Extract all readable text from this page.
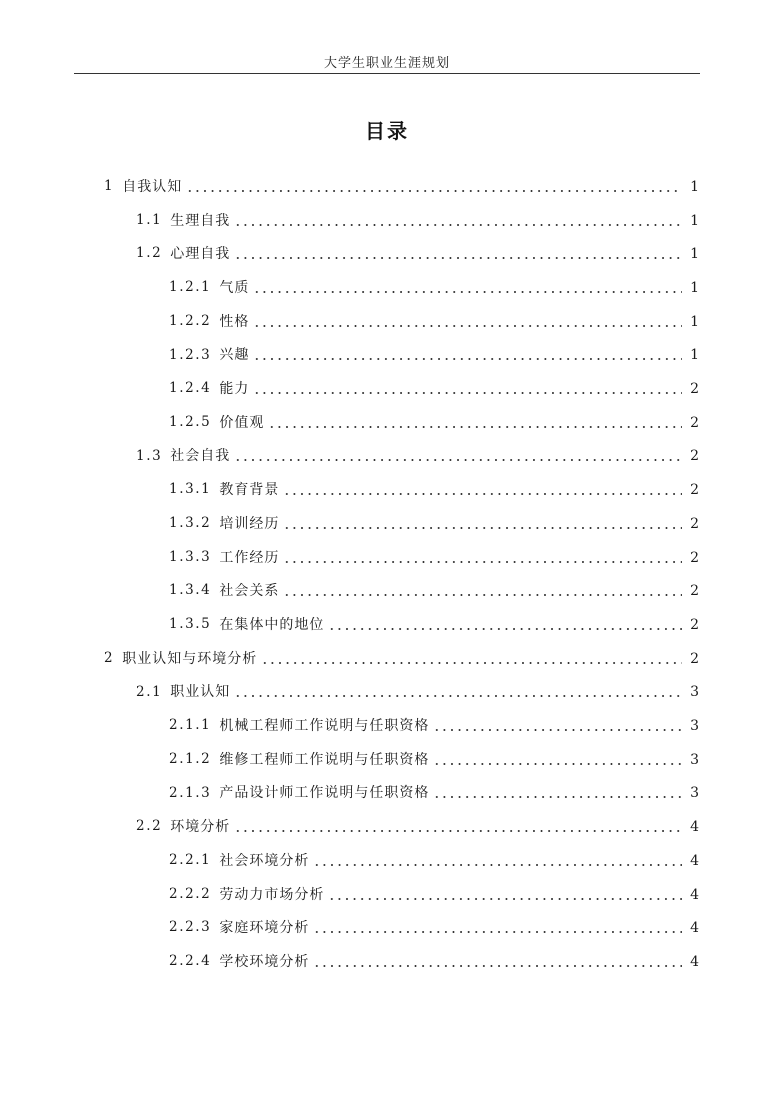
大学生职业生涯规划
目录
1 自我认知	1
1.1 生理自我	1
1.2 心理自我	1
1.2.1 气质	1
1.2.2 性格	1
1.2.3 兴趣	1
1.2.4 能力	2
1.2.5 价值观	2
1.3 社会自我	2
1.3.1 教育背景	2
1.3.2 培训经历	2
1.3.3 工作经历	2
1.3.4 社会关系	2
1.3.5 在集体中的地位	2
2 职业认知与环境分析	2
2.1 职业认知	3
2.1.1 机械工程师工作说明与任职资格	3
2.1.2 维修工程师工作说明与任职资格	3
2.1.3 产品设计师工作说明与任职资格	3
2.2 环境分析	4
2.2.1 社会环境分析	4
2.2.2 劳动力市场分析	4
2.2.3 家庭环境分析	4
2.2.4 学校环境分析	4
